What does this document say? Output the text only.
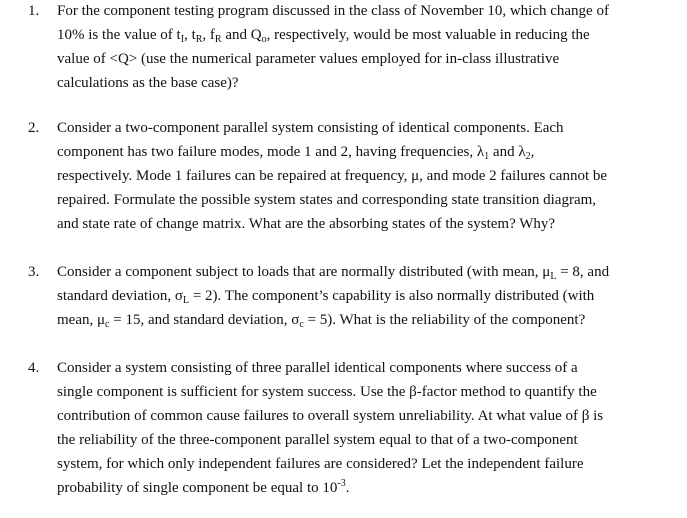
1. For the component testing program discussed in the class of November 10, which change of
10% is the value of $t_I$, $t_R$, $f_R$ and $Q_o$, respectively, would be most valuable in reducing the
value of <Q> (use the numerical parameter values employed for in-class illustrative
calculations as the base case)?
2. Consider a two-component parallel system consisting of identical components. Each
component has two failure modes, mode 1 and 2, having frequencies, $\lambda_1$ and $\lambda_2$,
respectively. Mode 1 failures can be repaired at frequency, μ, and mode 2 failures cannot be
repaired. Formulate the possible system states and corresponding state transition diagram,
and state rate of change matrix. What are the absorbing states of the system? Why?
3. Consider a component subject to loads that are normally distributed (with mean, $\mu_L = 8$, and
standard deviation, $\sigma_L = 2$). The component’s capability is also normally distributed (with
mean, $\mu_c = 15$, and standard deviation, $\sigma_c = 5$). What is the reliability of the component?
4. Consider a system consisting of three parallel identical components where success of a
single component is sufficient for system success. Use the β-factor method to quantify the
contribution of common cause failures to overall system unreliability. At what value of β is
the reliability of the three-component parallel system equal to that of a two-component
system, for which only independent failures are considered? Let the independent failure
probability of single component be equal to $10^{-3}$.
